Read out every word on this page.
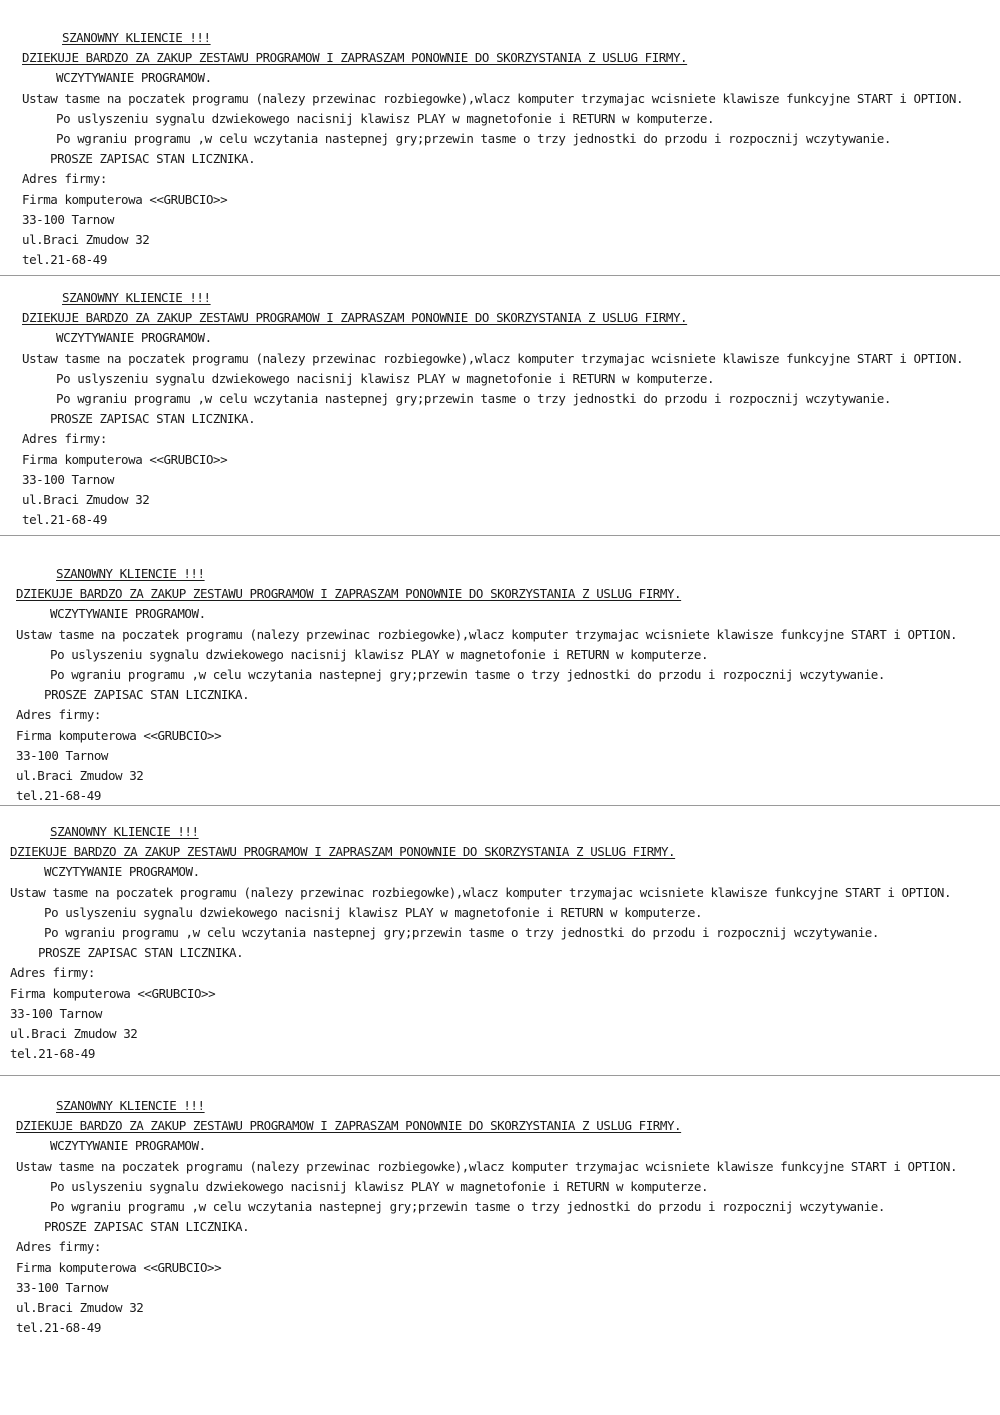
SZANOWNY KLIENCIE !!!
DZIEKUJE BARDZO ZA ZAKUP ZESTAWU PROGRAMOW I ZAPRASZAM PONOWNIE DO SKORZYSTANIA Z USLUG FIRMY.
WCZYTYWANIE PROGRAMOW.
Ustaw tasme na poczatek programu (nalezy przewinac rozbiegowke),wlacz komputer trzymajac wcisniete klawisze funkcyjne START i OPTION.
Po uslyszeniu sygnalu dzwiekowego nacisnij klawisz PLAY w magnetofonie i RETURN w komputerze.
Po wgraniu programu ,w celu wczytania nastepnej gry;przewin tasme o trzy jednostki do przodu i rozpocznij wczytywanie.
PROSZE ZAPISAC STAN LICZNIKA.
Adres firmy:
Firma komputerowa <<GRUBCIO>>
33-100 Tarnow
ul.Braci Zmudow 32
tel.21-68-49
SZANOWNY KLIENCIE !!!
DZIEKUJE BARDZO ZA ZAKUP ZESTAWU PROGRAMOW I ZAPRASZAM PONOWNIE DO SKORZYSTANIA Z USLUG FIRMY.
WCZYTYWANIE PROGRAMOW.
Ustaw tasme na poczatek programu (nalezy przewinac rozbiegowke),wlacz komputer trzymajac wcisniete klawisze funkcyjne START i OPTION.
Po uslyszeniu sygnalu dzwiekowego nacisnij klawisz PLAY w magnetofonie i RETURN w komputerze.
Po wgraniu programu ,w celu wczytania nastepnej gry;przewin tasme o trzy jednostki do przodu i rozpocznij wczytywanie.
PROSZE ZAPISAC STAN LICZNIKA.
Adres firmy:
Firma komputerowa <<GRUBCIO>>
33-100 Tarnow
ul.Braci Zmudow 32
tel.21-68-49
SZANOWNY KLIENCIE !!!
DZIEKUJE BARDZO ZA ZAKUP ZESTAWU PROGRAMOW I ZAPRASZAM PONOWNIE DO SKORZYSTANIA Z USLUG FIRMY.
WCZYTYWANIE PROGRAMOW.
Ustaw tasme na poczatek programu (nalezy przewinac rozbiegowke),wlacz komputer trzymajac wcisniete klawisze funkcyjne START i OPTION.
Po uslyszeniu sygnalu dzwiekowego nacisnij klawisz PLAY w magnetofonie i RETURN w komputerze.
Po wgraniu programu ,w celu wczytania nastepnej gry;przewin tasme o trzy jednostki do przodu i rozpocznij wczytywanie.
PROSZE ZAPISAC STAN LICZNIKA.
Adres firmy:
Firma komputerowa <<GRUBCIO>>
33-100 Tarnow
ul.Braci Zmudow 32
tel.21-68-49
SZANOWNY KLIENCIE !!!
DZIEKUJE BARDZO ZA ZAKUP ZESTAWU PROGRAMOW I ZAPRASZAM PONOWNIE DO SKORZYSTANIA Z USLUG FIRMY.
WCZYTYWANIE PROGRAMOW.
Ustaw tasme na poczatek programu (nalezy przewinac rozbiegowke),wlacz komputer trzymajac wcisniete klawisze funkcyjne START i OPTION.
Po uslyszeniu sygnalu dzwiekowego nacisnij klawisz PLAY w magnetofonie i RETURN w komputerze.
Po wgraniu programu ,w celu wczytania nastepnej gry;przewin tasme o trzy jednostki do przodu i rozpocznij wczytywanie.
PROSZE ZAPISAC STAN LICZNIKA.
Adres firmy:
Firma komputerowa <<GRUBCIO>>
33-100 Tarnow
ul.Braci Zmudow 32
tel.21-68-49
SZANOWNY KLIENCIE !!!
DZIEKUJE BARDZO ZA ZAKUP ZESTAWU PROGRAMOW I ZAPRASZAM PONOWNIE DO SKORZYSTANIA Z USLUG FIRMY.
WCZYTYWANIE PROGRAMOW.
Ustaw tasme na poczatek programu (nalezy przewinac rozbiegowke),wlacz komputer trzymajac wcisniete klawisze funkcyjne START i OPTION.
Po uslyszeniu sygnalu dzwiekowego nacisnij klawisz PLAY w magnetofonie i RETURN w komputerze.
Po wgraniu programu ,w celu wczytania nastepnej gry;przewin tasme o trzy jednostki do przodu i rozpocznij wczytywanie.
PROSZE ZAPISAC STAN LICZNIKA.
Adres firmy:
Firma komputerowa <<GRUBCIO>>
33-100 Tarnow
ul.Braci Zmudow 32
tel.21-68-49
